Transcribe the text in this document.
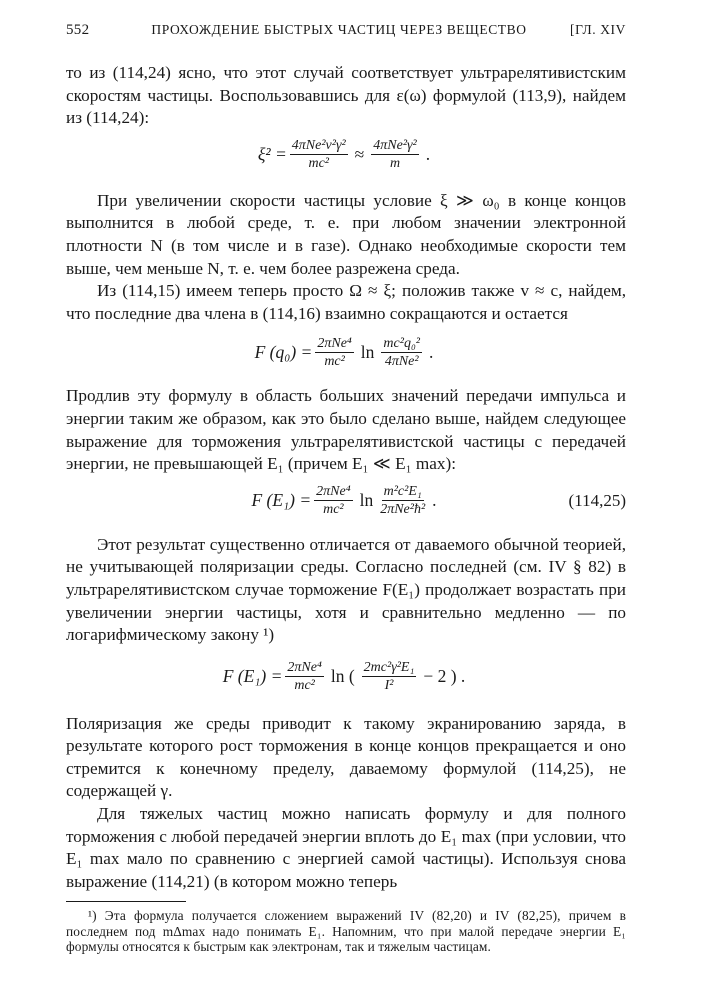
552	ПРОХОЖДЕНИЕ БЫСТРЫХ ЧАСТИЦ ЧЕРЕЗ ВЕЩЕСТВО	[ГЛ. XIV

то из (114,24) ясно, что этот случай соответствует ультрарелятивистским скоростям частицы. Воспользовавшись для ε(ω) формулой (113,9), найдем из (114,24):

ξ² = 4πNe²v²γ²
mc² ≈ 4πNe²γ²
m .

При увеличении скорости частицы условие ξ ≫ ω₀ в конце концов выполнится в любой среде, т. е. при любом значении электронной плотности N (в том числе и в газе). Однако необходимые скорости тем выше, чем меньше N, т. е. чем более разрежена среда.

Из (114,15) имеем теперь просто Ω ≈ ξ; положив также v ≈ c, найдем, что последние два члена в (114,16) взаимно сокращаются и остается

F (q₀) = 2πNe⁴
mc² ln mc²q₀²
4πNe² .

Продлив эту формулу в область больших значений передачи импульса и энергии таким же образом, как это было сделано выше, найдем следующее выражение для торможения ультрарелятивистской частицы с передачей энергии, не превышающей E₁ (причем E₁ ≪ E₁ max):

F (E₁) = 2πNe⁴
mc² ln m²c²E₁
2πNe²ħ² .	(114,25)

Этот результат существенно отличается от даваемого обычной теорией, не учитывающей поляризации среды. Согласно последней (см. IV § 82) в ультрарелятивистском случае торможение F(E₁) продолжает возрастать при увеличении энергии частицы, хотя и сравнительно медленно — по логарифмическому закону ¹)

F (E₁) = 2πNe⁴
mc² ln ( 2mc²γ²E₁
I² − 2 ) .

Поляризация же среды приводит к такому экранированию заряда, в результате которого рост торможения в конце концов прекращается и оно стремится к конечному пределу, даваемому формулой (114,25), не содержащей γ.

Для тяжелых частиц можно написать формулу и для полного торможения с любой передачей энергии вплоть до E₁ max (при условии, что E₁ max мало по сравнению с энергией самой частицы). Используя снова выражение (114,21) (в котором можно теперь

¹) Эта формула получается сложением выражений IV (82,20) и IV (82,25), причем в последнем под mΔmax надо понимать E₁. Напомним, что при малой передаче энергии E₁ формулы относятся к быстрым как электронам, так и тяжелым частицам.
